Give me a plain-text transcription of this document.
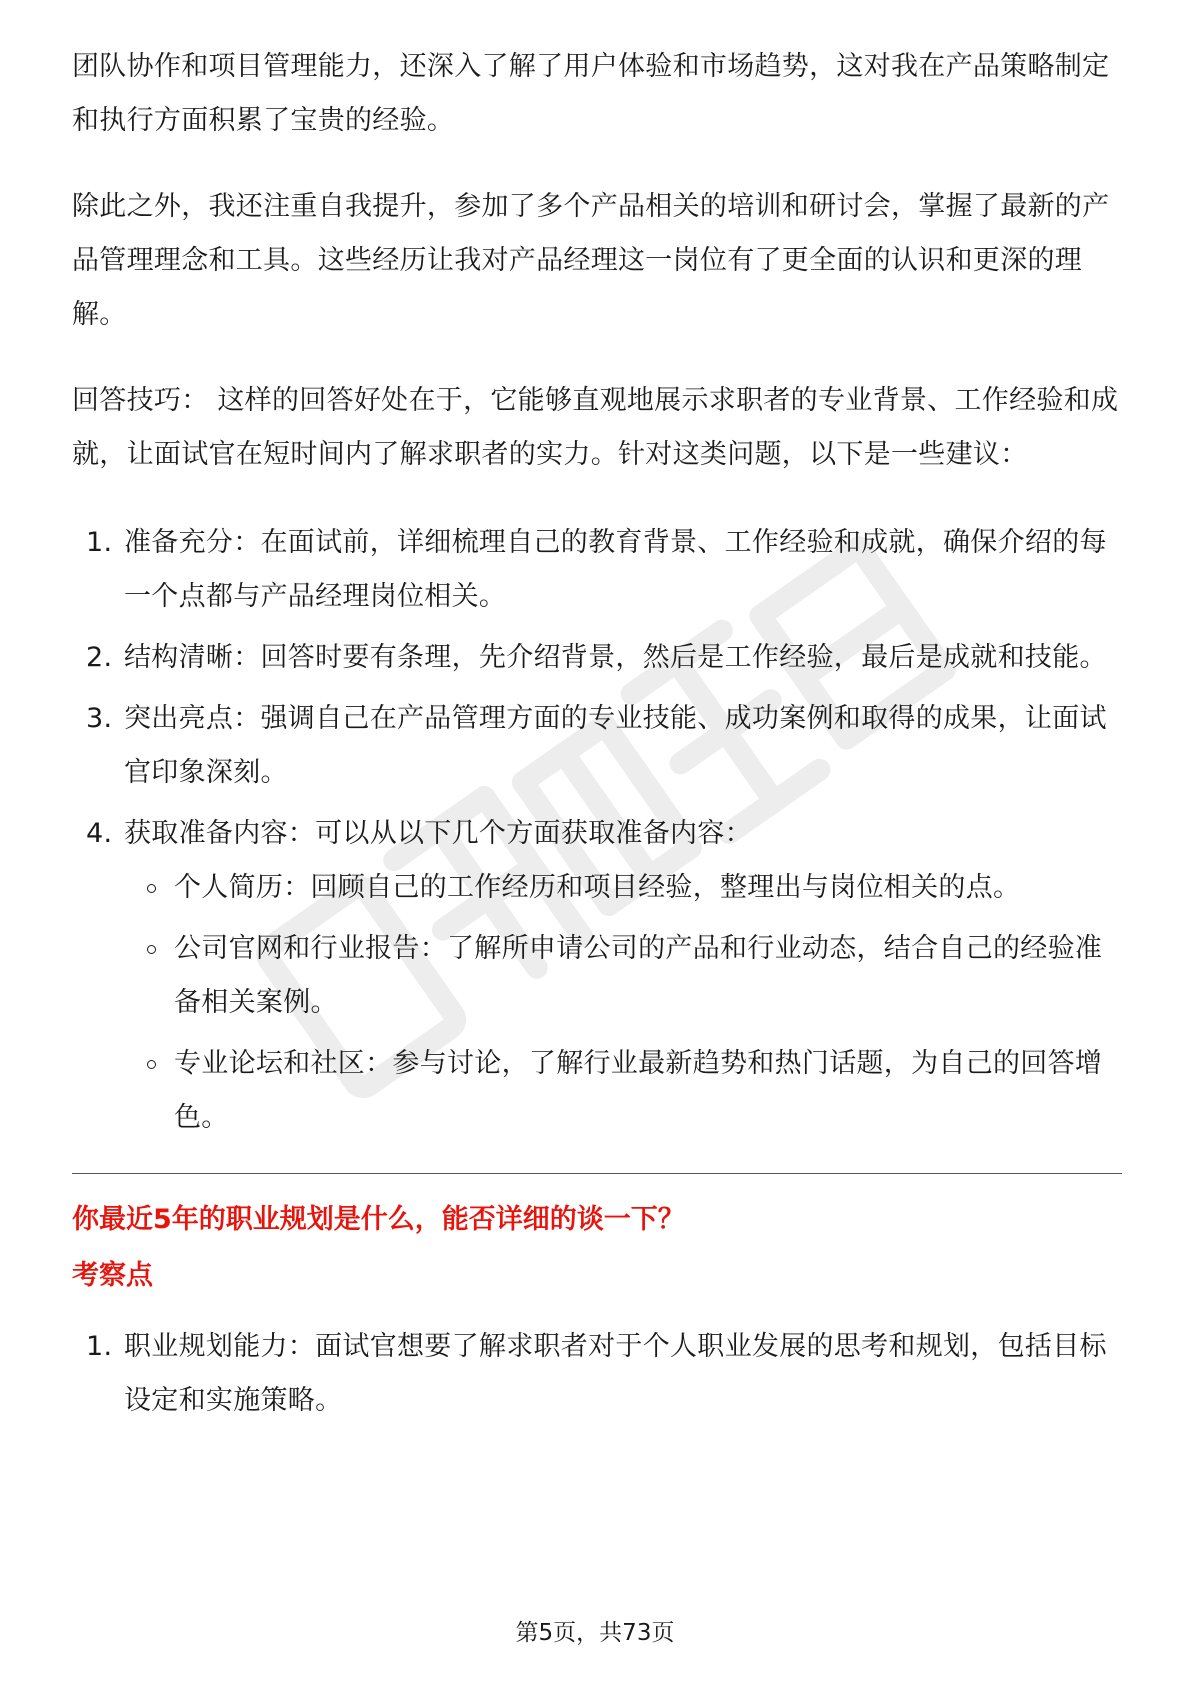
团队协作和项目管理能力，还深入了解了用户体验和市场趋势，这对我在产品策略制定和执行方面积累了宝贵的经验。

除此之外，我还注重自我提升，参加了多个产品相关的培训和研讨会，掌握了最新的产品管理理念和工具。这些经历让我对产品经理这一岗位有了更全面的认识和更深的理解。

回答技巧： 这样的回答好处在于，它能够直观地展示求职者的专业背景、工作经验和成就，让面试官在短时间内了解求职者的实力。针对这类问题，以下是一些建议：

1. 准备充分：在面试前，详细梳理自己的教育背景、工作经验和成就，确保介绍的每一个点都与产品经理岗位相关。
2. 结构清晰：回答时要有条理，先介绍背景，然后是工作经验，最后是成就和技能。
3. 突出亮点：强调自己在产品管理方面的专业技能、成功案例和取得的成果，让面试官印象深刻。
4. 获取准备内容：可以从以下几个方面获取准备内容：
个人简历：回顾自己的工作经历和项目经验，整理出与岗位相关的点。
公司官网和行业报告：了解所申请公司的产品和行业动态，结合自己的经验准备相关案例。
专业论坛和社区：参与讨论，了解行业最新趋势和热门话题，为自己的回答增色。
你最近5年的职业规划是什么，能否详细的谈一下？
考察点
1. 职业规划能力：面试官想要了解求职者对于个人职业发展的思考和规划，包括目标设定和实施策略。
第5页，共73页
